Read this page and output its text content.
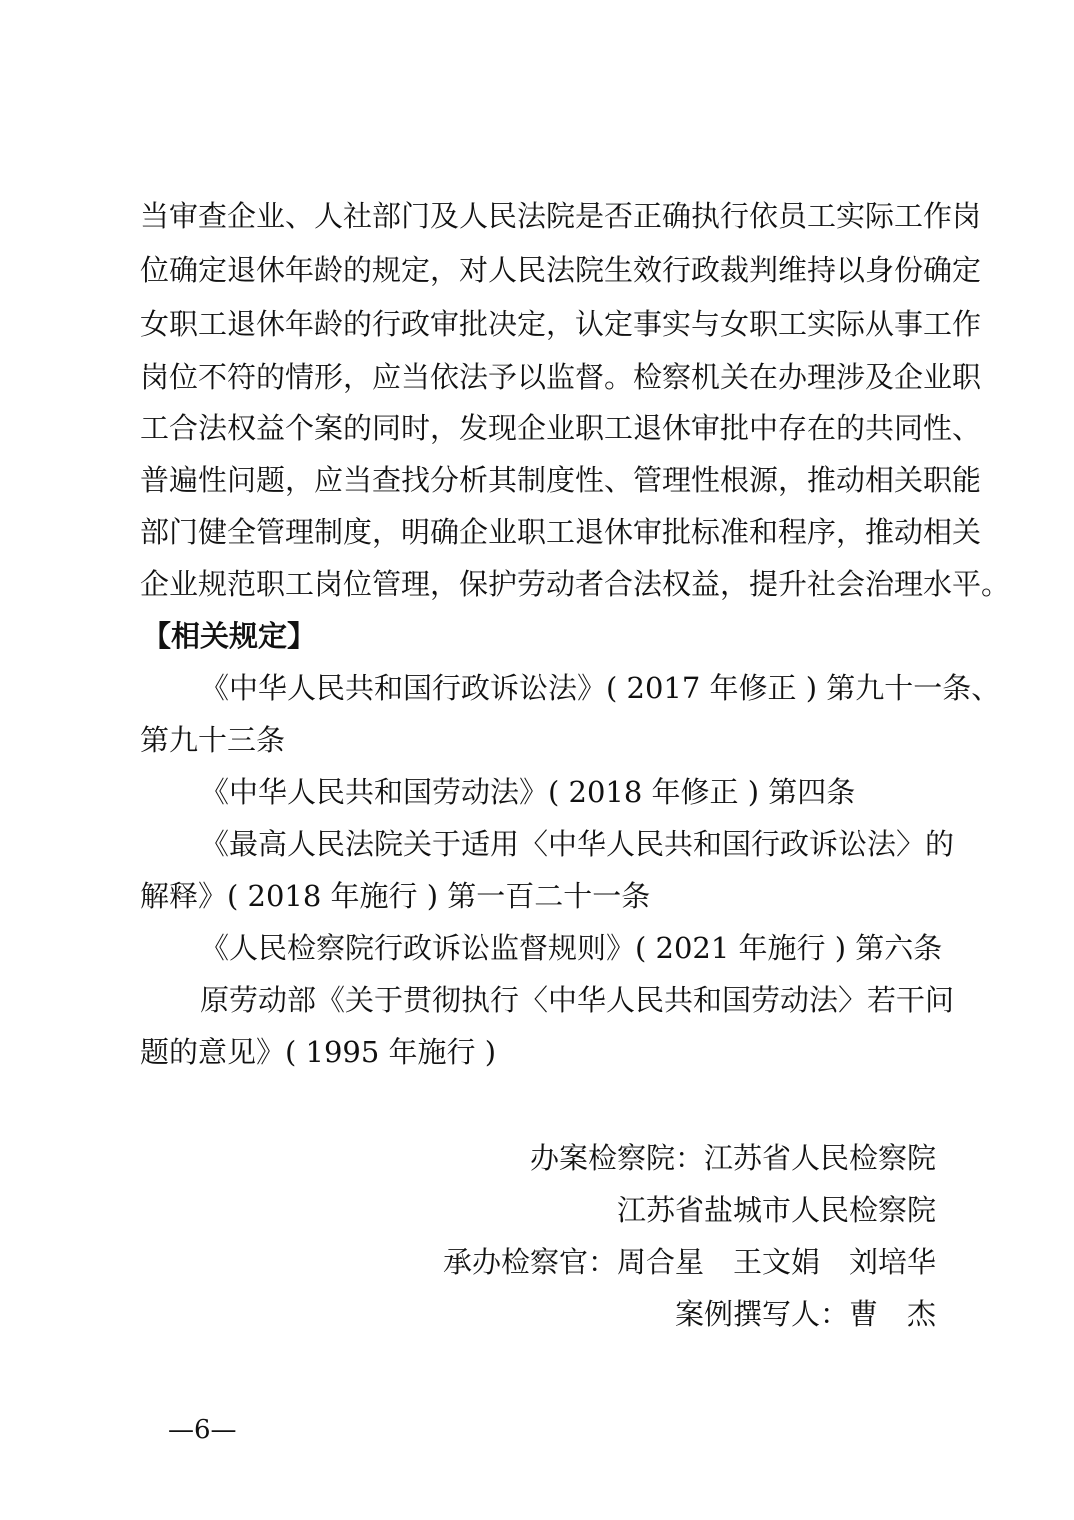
当审查企业、人社部门及人民法院是否正确执行依员工实际工作岗
位确定退休年龄的规定，对人民法院生效行政裁判维持以身份确定
女职工退休年龄的行政审批决定，认定事实与女职工实际从事工作
岗位不符的情形，应当依法予以监督。检察机关在办理涉及企业职
工合法权益个案的同时，发现企业职工退休审批中存在的共同性、
普遍性问题，应当查找分析其制度性、管理性根源，推动相关职能
部门健全管理制度，明确企业职工退休审批标准和程序，推动相关
企业规范职工岗位管理，保护劳动者合法权益，提升社会治理水平。
【相关规定】
《中华人民共和国行政诉讼法》( 2017 年修正 ) 第九十一条、
第九十三条
《中华人民共和国劳动法》( 2018 年修正 ) 第四条
《最高人民法院关于适用〈中华人民共和国行政诉讼法〉的
解释》( 2018 年施行 ) 第一百二十一条
《人民检察院行政诉讼监督规则》( 2021 年施行 ) 第六条
原劳动部《关于贯彻执行〈中华人民共和国劳动法〉若干问
题的意见》( 1995 年施行 )
办案检察院：江苏省人民检察院
江苏省盐城市人民检察院
承办检察官：周合星　王文娟　刘培华
案例撰写人：曹　杰
—6—
